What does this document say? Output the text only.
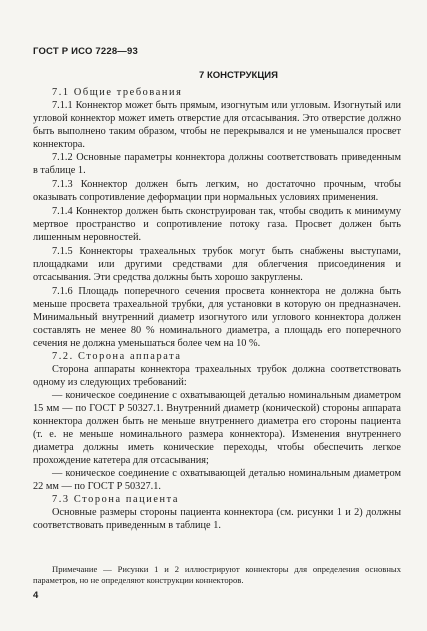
ГОСТ Р ИСО 7228—93
7 КОНСТРУКЦИЯ

7.1 Общие требования

7.1.1 Коннектор может быть прямым, изогнутым или угловым. Изогнутый или угловой коннектор может иметь отверстие для отсасывания. Это отверстие должно быть выполнено таким образом, чтобы не перекрывался и не уменьшался просвет коннектора.

7.1.2 Основные параметры коннектора должны соответствовать приведенным в таблице 1.

7.1.3 Коннектор должен быть легким, но достаточно прочным, чтобы оказывать сопротивление деформации при нормальных условиях применения.

7.1.4 Коннектор должен быть сконструирован так, чтобы сводить к минимуму мертвое пространство и сопротивление потоку газа. Просвет должен быть лишенным неровностей.

7.1.5 Коннекторы трахеальных трубок могут быть снабжены выступами, площадками или другими средствами для облегчения присоединения и отсасывания. Эти средства должны быть хорошо закруглены.

7.1.6 Площадь поперечного сечения просвета коннектора не должна быть меньше просвета трахеальной трубки, для установки в которую он предназначен. Минимальный внутренний диаметр изогнутого или углового коннектора должен составлять не менее 80 % номинального диаметра, а площадь его поперечного сечения не должна уменьшаться более чем на 10 %.

7.2. Сторона аппарата

Сторона аппараты коннектора трахеальных трубок должна соответствовать одному из следующих требований:

— коническое соединение с охватывающей деталью номинальным диаметром 15 мм — по ГОСТ Р 50327.1. Внутренний диаметр (конической) стороны аппарата коннектора должен быть не меньше внутреннего диаметра его стороны пациента (т. е. не меньше номинального размера коннектора). Изменения внутреннего диаметра должны иметь конические переходы, чтобы обеспечить легкое прохождение катетера для отсасывания;

— коническое соединение с охватывающей деталью номинальным диаметром 22 мм — по ГОСТ Р 50327.1.

7.3 Сторона пациента

Основные размеры стороны пациента коннектора (см. рисунки 1 и 2) должны соответствовать приведенным в таблице 1.

Примечание — Рисунки 1 и 2 иллюстрируют коннекторы для определения основных параметров, но не определяют конструкции коннекторов.
4
